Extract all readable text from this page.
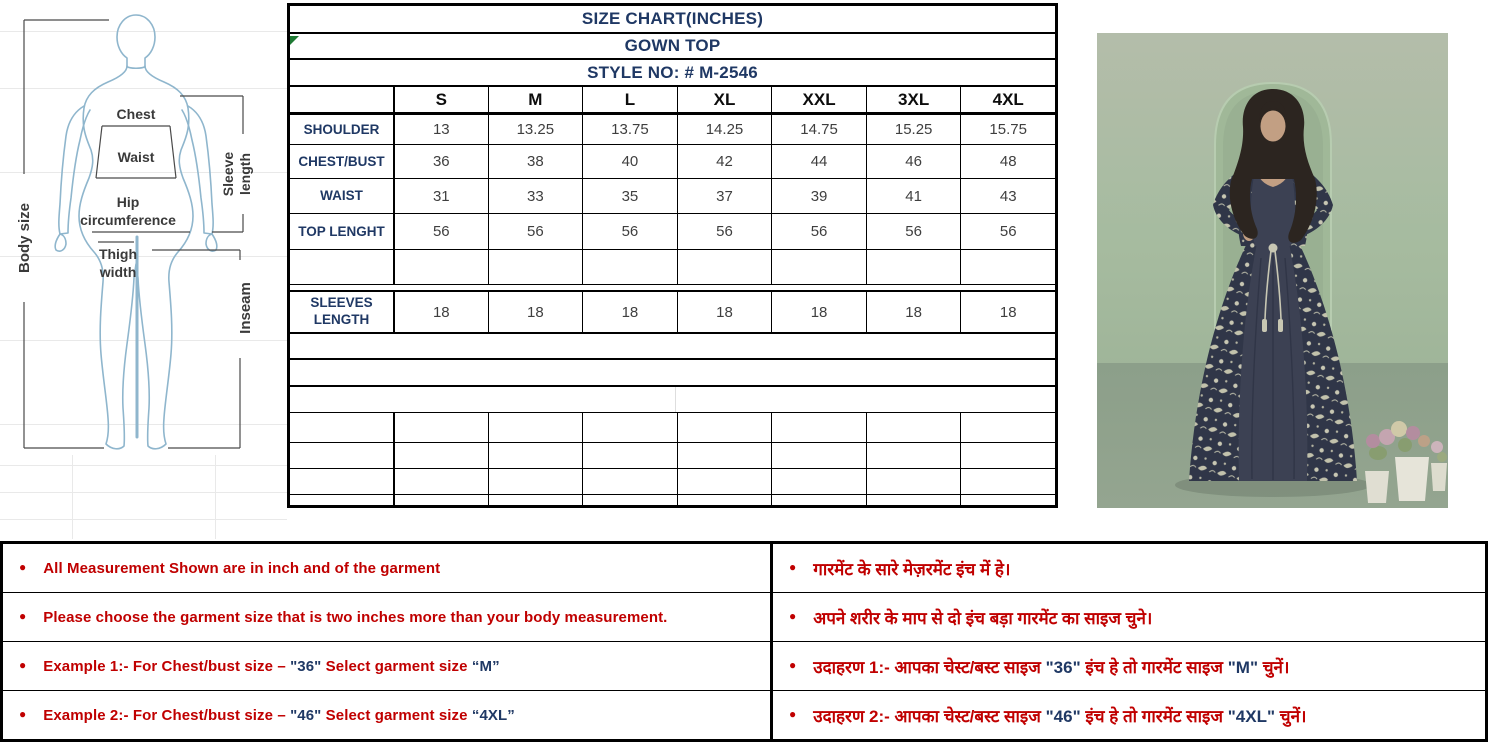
Chest
Waist
Hip
circumference
Thigh
width
Body size
Sleeve length
Inseam
SIZE CHART(INCHES)
GOWN TOP
STYLE NO: # M-2546
S	M	L	XL	XXL	3XL	4XL
SHOULDER	13	13.25	13.75	14.25	14.75	15.25	15.75
CHEST/BUST	36	38	40	42	44	46	48
WAIST	31	33	35	37	39	41	43
TOP LENGHT	56	56	56	56	56	56	56
SLEEVES LENGTH	18	18	18	18	18	18	18
● All Measurement Shown are in inch and of the garment
● Please choose the garment size that is two inches more than your body measurement.
● Example 1:- For Chest/bust size – "36" Select garment size “M”
● Example 2:- For Chest/bust size – "46" Select garment size “4XL”
● गारमेंट के सारे मेज़रमेंट इंच में हे।
● अपने शरीर के माप से दो इंच बड़ा गारमेंट का साइज चुने।
● उदाहरण 1:- आपका चेस्ट/बस्ट साइज "36" इंच हे तो गारमेंट साइज "M" चुनें।
● उदाहरण 2:- आपका चेस्ट/बस्ट साइज "46" इंच हे तो गारमेंट साइज "4XL" चुनें।
